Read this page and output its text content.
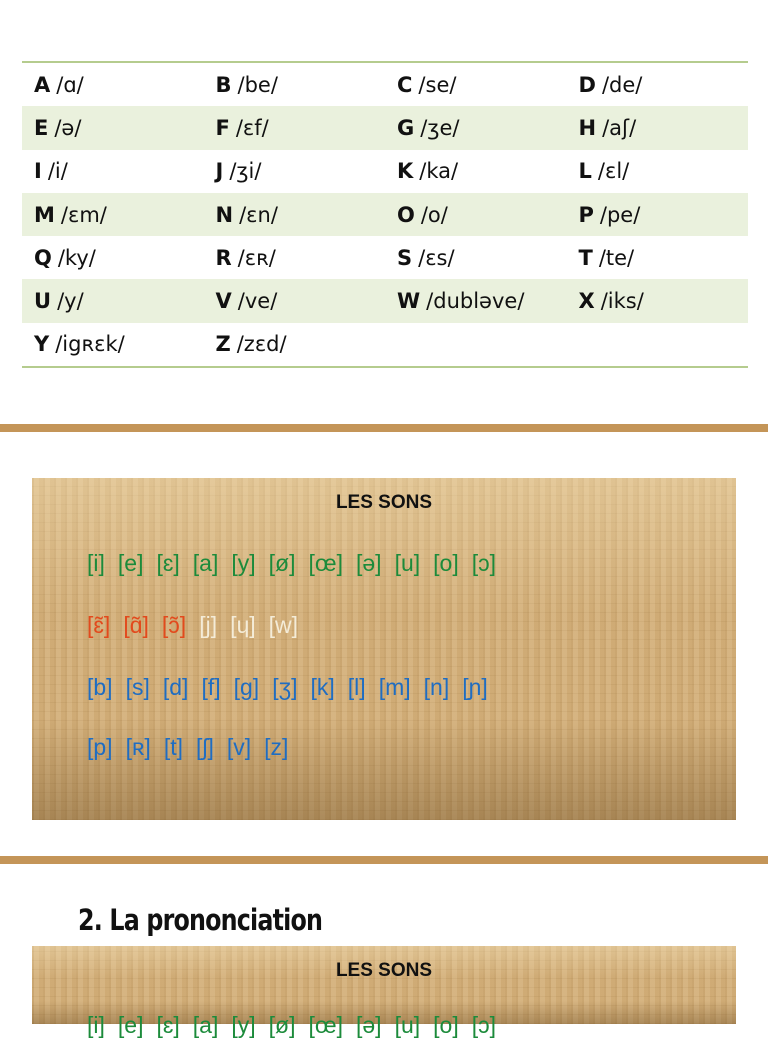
A /ɑ/	B /be/	C /se/	D /de/
E /ə/	F /ɛf/	G /ʒe/	H /aʃ/
I /i/	J /ʒi/	K /ka/	L /ɛl/
M /ɛm/	N /ɛn/	O /o/	P /pe/
Q /ky/	R /ɛʀ/	S /ɛs/	T /te/
U /y/	V /ve/	W /dubləve/	X /iks/
Y /igʀɛk/	Z /zɛd/
LES SONS
[i] [e] [ɛ] [a] [y] [ø] [œ] [ə] [u] [o] [ɔ]
[ɛ̃] [ɑ̃] [ɔ̃] [j] [ɥ] [w]
[b] [s] [d] [f] [g] [ʒ] [k] [l] [m] [n] [ɲ]
[p] [ʀ] [t] [ʃ] [v] [z]
2. La prononciation
LES SONS
[i] [e] [ɛ] [a] [y] [ø] [œ] [ə] [u] [o] [ɔ]
